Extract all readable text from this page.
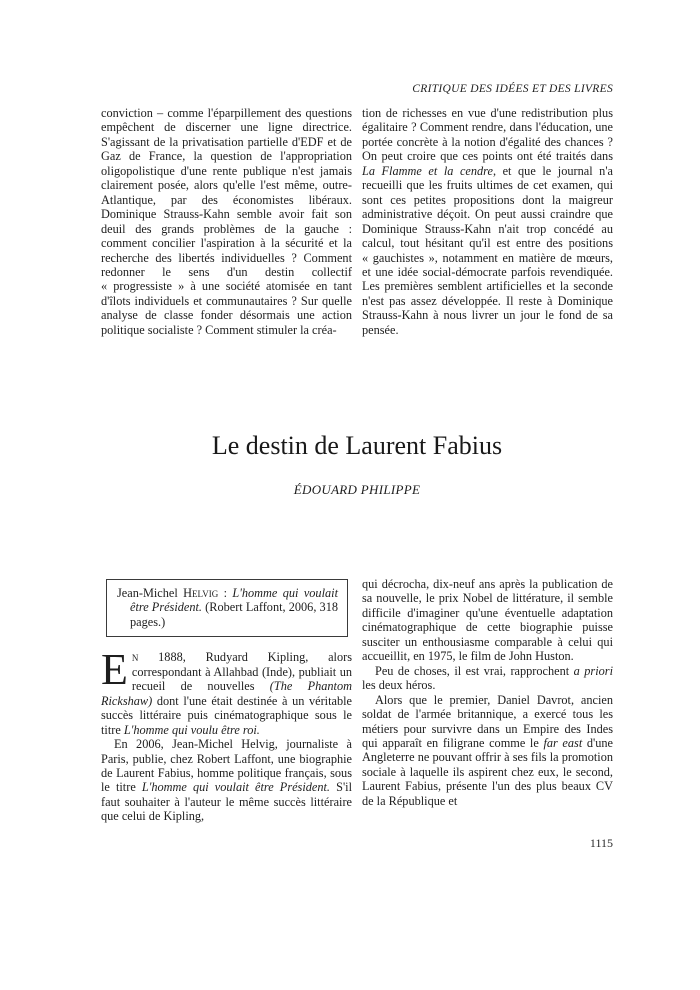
CRITIQUE DES IDÉES ET DES LIVRES

conviction – comme l'éparpillement des questions empêchent de discerner une ligne directrice. S'agissant de la privatisation partielle d'EDF et de Gaz de France, la question de l'appropriation oligopolistique d'une rente publique n'est jamais clairement posée, alors qu'elle l'est même, outre-Atlantique, par des économistes libéraux. Dominique Strauss-Kahn semble avoir fait son deuil des grands problèmes de la gauche : comment concilier l'aspiration à la sécurité et la recherche des libertés individuelles ? Comment redonner le sens d'un destin collectif « progressiste » à une société atomisée en tant d'îlots individuels et communautaires ? Sur quelle analyse de classe fonder désormais une action politique socialiste ? Comment stimuler la créa-

tion de richesses en vue d'une redistribution plus égalitaire ? Comment rendre, dans l'éducation, une portée concrète à la notion d'égalité des chances ? On peut croire que ces points ont été traités dans La Flamme et la cendre, et que le journal n'a recueilli que les fruits ultimes de cet examen, qui sont ces petites propositions dont la maigreur administrative déçoit. On peut aussi craindre que Dominique Strauss-Kahn n'ait trop concédé au calcul, tout hésitant qu'il est entre des positions « gauchistes », notamment en matière de mœurs, et une idée social-démocrate parfois revendiquée. Les premières semblent artificielles et la seconde n'est pas assez développée. Il reste à Dominique Strauss-Kahn à nous livrer un jour le fond de sa pensée.

Le destin de Laurent Fabius
ÉDOUARD PHILIPPE

Jean-Michel Helvig : L'homme qui voulait être Président. (Robert Laffont, 2006, 318 pages.)

En 1888, Rudyard Kipling, alors correspondant à Allahbad (Inde), publiait un recueil de nouvelles (The Phantom Rickshaw) dont l'une était destinée à un véritable succès littéraire puis cinématographique sous le titre L'homme qui voulu être roi.

En 2006, Jean-Michel Helvig, journaliste à Paris, publie, chez Robert Laffont, une biographie de Laurent Fabius, homme politique français, sous le titre L'homme qui voulait être Président. S'il faut souhaiter à l'auteur le même succès littéraire que celui de Kipling,

qui décrocha, dix-neuf ans après la publication de sa nouvelle, le prix Nobel de littérature, il semble difficile d'imaginer qu'une éventuelle adaptation cinématographique de cette biographie puisse susciter un enthousiasme comparable à celui qui accueillit, en 1975, le film de John Huston.

Peu de choses, il est vrai, rapprochent a priori les deux héros.

Alors que le premier, Daniel Davrot, ancien soldat de l'armée britannique, a exercé tous les métiers pour survivre dans un Empire des Indes qui apparaît en filigrane comme le far east d'une Angleterre ne pouvant offrir à ses fils la promotion sociale à laquelle ils aspirent chez eux, le second, Laurent Fabius, présente l'un des plus beaux CV de la République et

1115
